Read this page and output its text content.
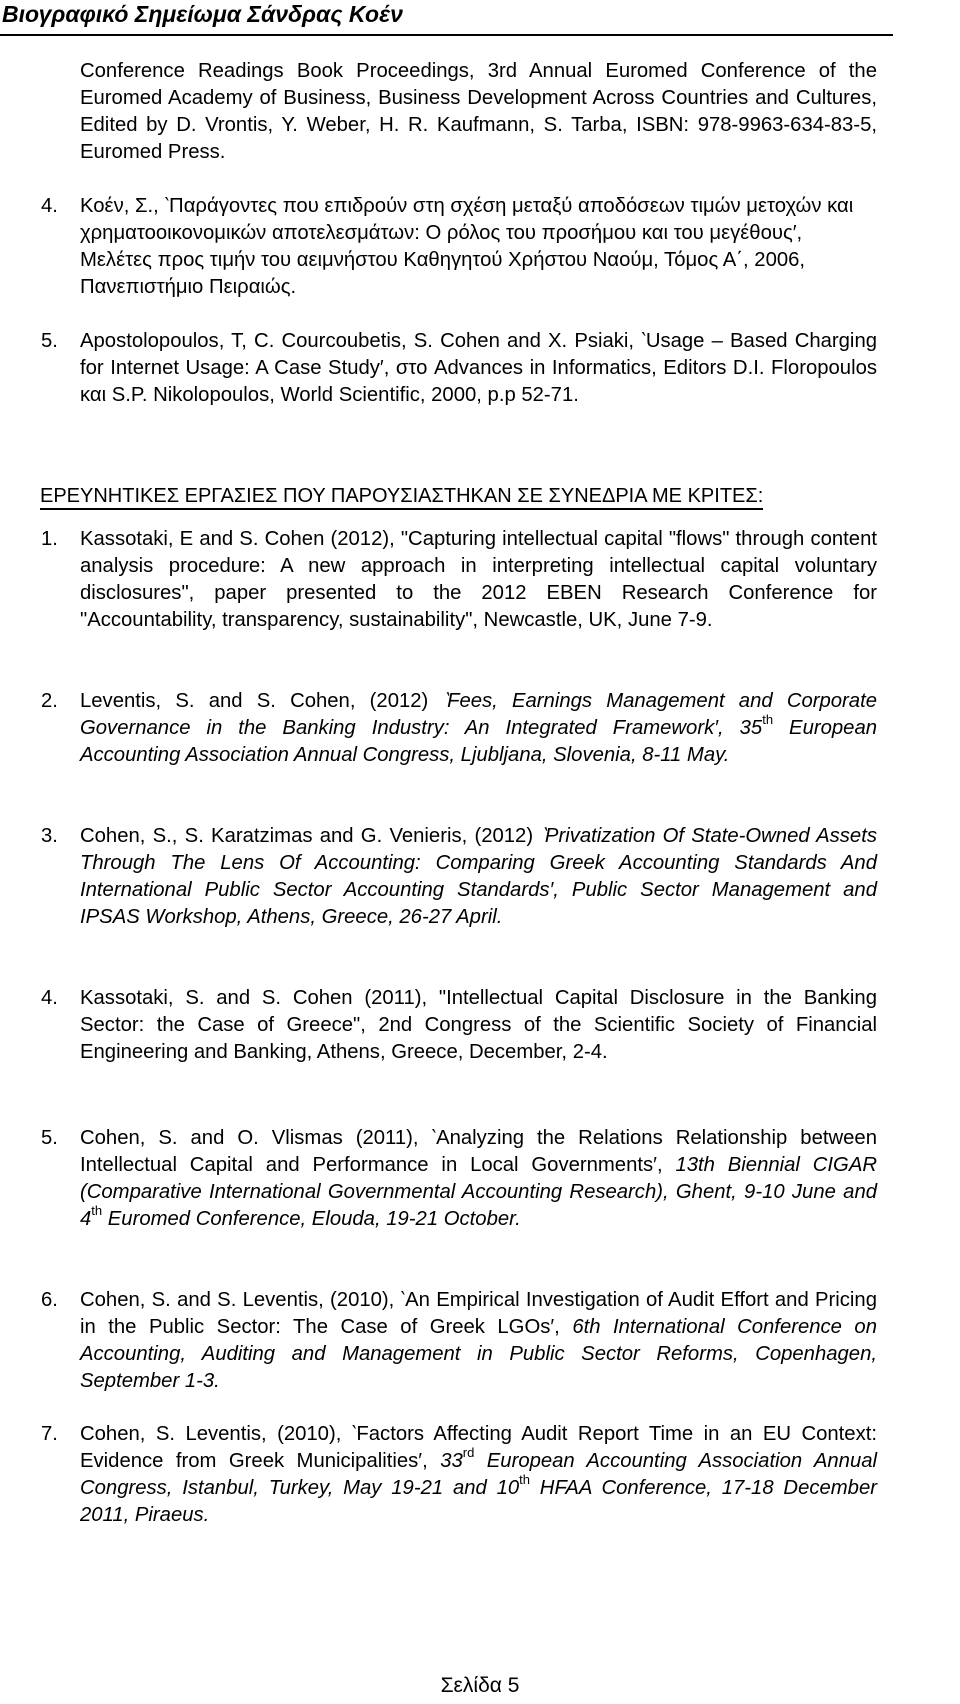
Βιογραφικό Σημείωμα Σάνδρας Κοέν
Conference Readings Book Proceedings, 3rd Annual Euromed Conference of the Euromed Academy of Business, Business Development Across Countries and Cultures, Edited by D. Vrontis, Y. Weber, H. R. Kaufmann, S. Tarba, ISBN: 978-9963-634-83-5, Euromed Press.
4. Κοέν, Σ., ‵Παράγοντες που επιδρούν στη σχέση μεταξύ αποδόσεων τιμών μετοχών και χρηματοοικονομικών αποτελεσμάτων: Ο ρόλος του προσήμου και του μεγέθους′, Μελέτες προς τιμήν του αειμνήστου Καθηγητού Χρήστου Ναούμ, Τόμος Α΄, 2006, Πανεπιστήμιο Πειραιώς.
5. Apostolopoulos, T, C. Courcoubetis, S. Cohen and X. Psiaki, ‵Usage – Based Charging for Internet Usage: A Case Study′, στο Advances in Informatics, Editors D.I. Floropoulos και S.P. Nikolopoulos, World Scientific, 2000, p.p 52-71.
ΕΡΕΥΝΗΤΙΚΕΣ ΕΡΓΑΣΙΕΣ ΠΟΥ ΠΑΡΟΥΣΙΑΣΤΗΚΑΝ ΣΕ ΣΥΝΕΔΡΙΑ ΜΕ ΚΡΙΤΕΣ:
1. Kassotaki, E and S. Cohen (2012), "Capturing intellectual capital "flows" through content analysis procedure: A new approach in interpreting intellectual capital voluntary disclosures", paper presented to the 2012 EBEN Research Conference for "Accountability, transparency, sustainability", Newcastle, UK, June 7-9.
2. Leventis, S. and S. Cohen, (2012) ‵Fees, Earnings Management and Corporate Governance in the Banking Industry: An Integrated Framework′, 35th European Accounting Association Annual Congress, Ljubljana, Slovenia, 8-11 May.
3. Cohen, S., S. Karatzimas and G. Venieris, (2012) ‵Privatization Of State-Owned Assets Through The Lens Of Accounting: Comparing Greek Accounting Standards And International Public Sector Accounting Standards′, Public Sector Management and IPSAS Workshop, Athens, Greece, 26-27 April.
4. Kassotaki, S. and S. Cohen (2011), "Intellectual Capital Disclosure in the Banking Sector: the Case of Greece", 2nd Congress of the Scientific Society of Financial Engineering and Banking, Athens, Greece, December, 2-4.
5. Cohen, S. and O. Vlismas (2011), ‵Analyzing the Relations Relationship between Intellectual Capital and Performance in Local Governments′, 13th Biennial CIGAR (Comparative International Governmental Accounting Research), Ghent, 9-10 June and 4th Euromed Conference, Elouda, 19-21 October.
6. Cohen, S. and S. Leventis, (2010), ‵An Empirical Investigation of Audit Effort and Pricing in the Public Sector: The Case of Greek LGOs′, 6th International Conference on Accounting, Auditing and Management in Public Sector Reforms, Copenhagen, September 1-3.
7. Cohen, S. Leventis, (2010), ‵Factors Affecting Audit Report Time in an EU Context: Evidence from Greek Municipalities′, 33rd European Accounting Association Annual Congress, Istanbul, Turkey, May 19-21 and 10th HFAA Conference, 17-18 December 2011, Piraeus.
Σελίδα 5
